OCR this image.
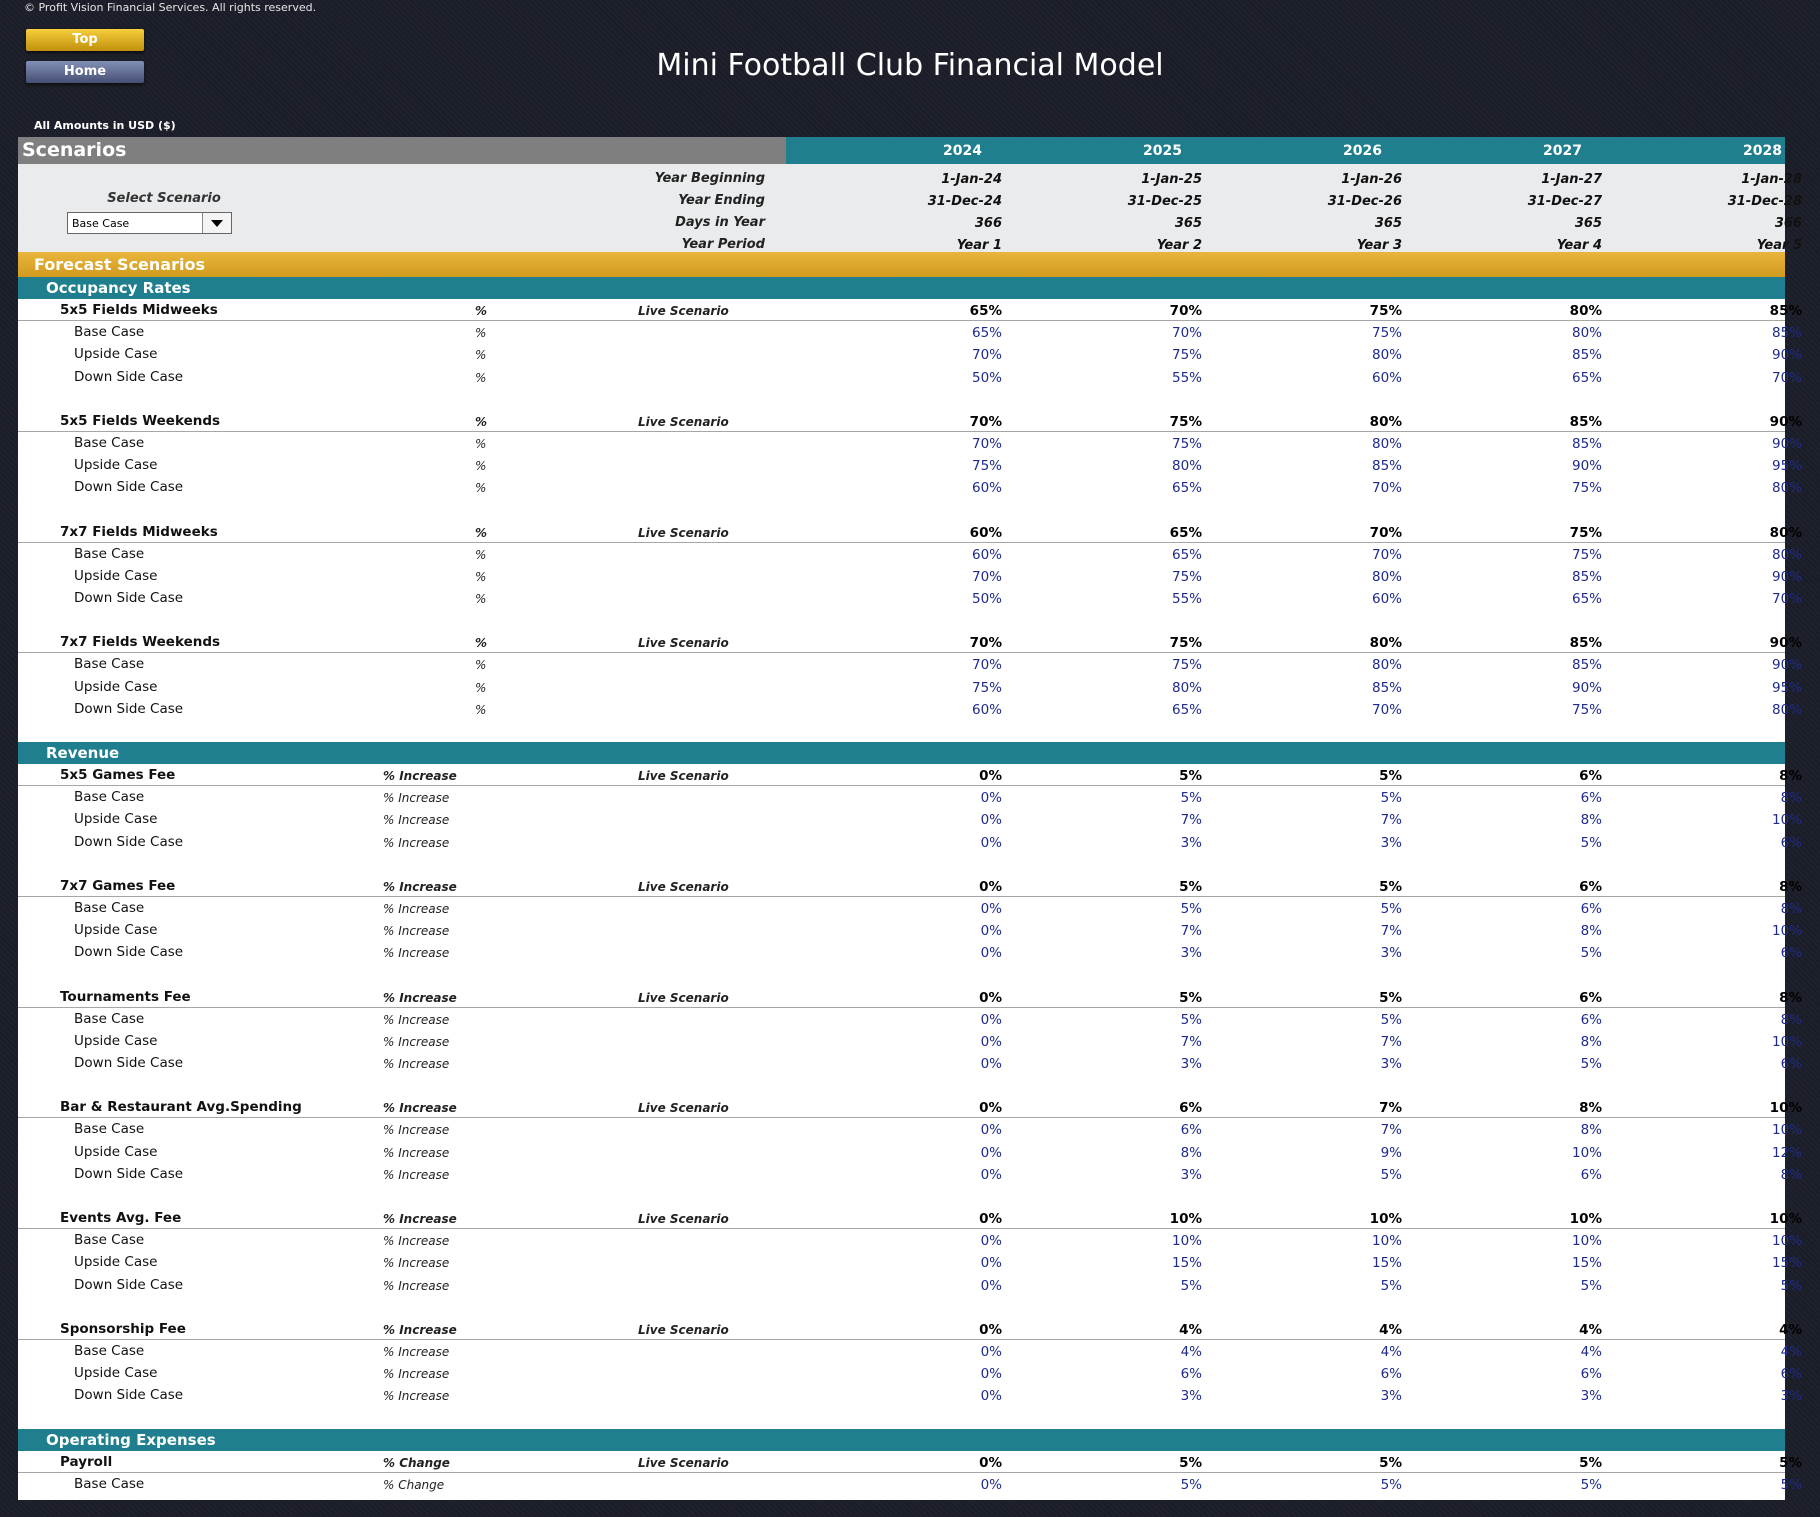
© Profit Vision Financial Services. All rights reserved.
Top
Home	Mini Football Club Financial Model
All Amounts in USD ($)
Scenarios	2024	2025	2026	2027	2028
Select Scenario
Base Case
Year Beginning	1-Jan-24	1-Jan-25	1-Jan-26	1-Jan-27	1-Jan-28
Year Ending	31-Dec-24	31-Dec-25	31-Dec-26	31-Dec-27	31-Dec-28
Days in Year	366	365	365	365	366
Year Period	Year 1	Year 2	Year 3	Year 4	Year 5
Forecast Scenarios
Occupancy Rates
5x5 Fields Midweeks	%	Live Scenario	65%	70%	75%	80%	85%
Base Case	%	65%	70%	75%	80%	85%
Upside Case	%	70%	75%	80%	85%	90%
Down Side Case	%	50%	55%	60%	65%	70%
5x5 Fields Weekends	%	Live Scenario	70%	75%	80%	85%	90%
Base Case	%	70%	75%	80%	85%	90%
Upside Case	%	75%	80%	85%	90%	95%
Down Side Case	%	60%	65%	70%	75%	80%
7x7 Fields Midweeks	%	Live Scenario	60%	65%	70%	75%	80%
Base Case	%	60%	65%	70%	75%	80%
Upside Case	%	70%	75%	80%	85%	90%
Down Side Case	%	50%	55%	60%	65%	70%
7x7 Fields Weekends	%	Live Scenario	70%	75%	80%	85%	90%
Base Case	%	70%	75%	80%	85%	90%
Upside Case	%	75%	80%	85%	90%	95%
Down Side Case	%	60%	65%	70%	75%	80%
Revenue
5x5 Games Fee	% Increase	Live Scenario	0%	5%	5%	6%	8%
Base Case	% Increase	0%	5%	5%	6%	8%
Upside Case	% Increase	0%	7%	7%	8%	10%
Down Side Case	% Increase	0%	3%	3%	5%	6%
7x7 Games Fee	% Increase	Live Scenario	0%	5%	5%	6%	8%
Base Case	% Increase	0%	5%	5%	6%	8%
Upside Case	% Increase	0%	7%	7%	8%	10%
Down Side Case	% Increase	0%	3%	3%	5%	6%
Tournaments Fee	% Increase	Live Scenario	0%	5%	5%	6%	8%
Base Case	% Increase	0%	5%	5%	6%	8%
Upside Case	% Increase	0%	7%	7%	8%	10%
Down Side Case	% Increase	0%	3%	3%	5%	6%
Bar & Restaurant Avg.Spending	% Increase	Live Scenario	0%	6%	7%	8%	10%
Base Case	% Increase	0%	6%	7%	8%	10%
Upside Case	% Increase	0%	8%	9%	10%	12%
Down Side Case	% Increase	0%	3%	5%	6%	8%
Events Avg. Fee	% Increase	Live Scenario	0%	10%	10%	10%	10%
Base Case	% Increase	0%	10%	10%	10%	10%
Upside Case	% Increase	0%	15%	15%	15%	15%
Down Side Case	% Increase	0%	5%	5%	5%	5%
Sponsorship Fee	% Increase	Live Scenario	0%	4%	4%	4%	4%
Base Case	% Increase	0%	4%	4%	4%	4%
Upside Case	% Increase	0%	6%	6%	6%	6%
Down Side Case	% Increase	0%	3%	3%	3%	3%
Operating Expenses
Payroll	% Change	Live Scenario	0%	5%	5%	5%	5%
Base Case	% Change	0%	5%	5%	5%	5%
